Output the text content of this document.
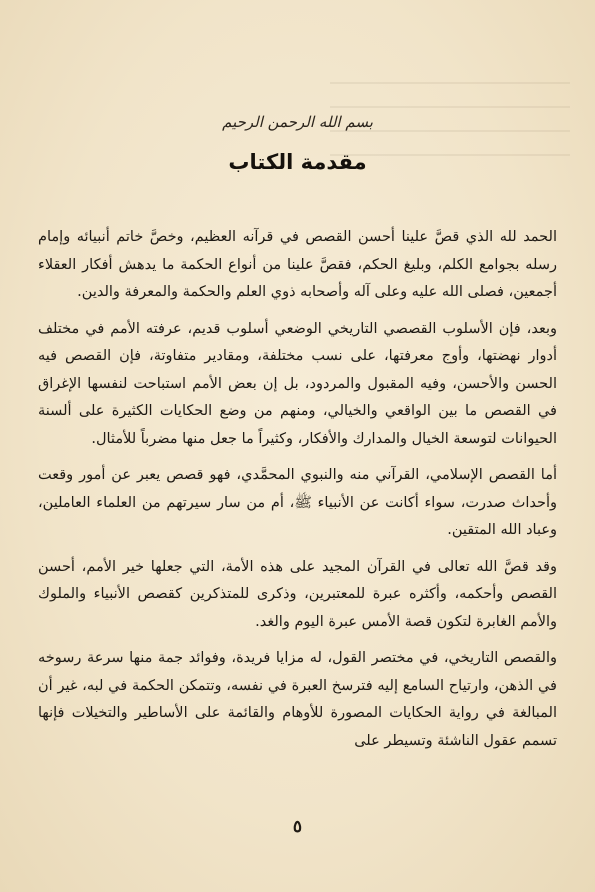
بسم الله الرحمن الرحيم
مقدمة الكتاب

الحمد لله الذي قصَّ علينا أحسن القصص في قرآنه العظيم، وخصَّ خاتم أنبيائه وإمام رسله بجوامع الكلم، وبليغ الحكم، فقصَّ علينا من أنواع الحكمة ما يدهش أفكار العقلاء أجمعين، فصلى الله عليه وعلى آله وأصحابه ذوي العلم والحكمة والمعرفة والدين.

وبعد، فإن الأسلوب القصصي التاريخي الوضعي أسلوب قديم، عرفته الأمم في مختلف أدوار نهضتها، وأوج معرفتها، على نسب مختلفة، ومقادير متفاوتة، فإن القصص فيه الحسن والأحسن، وفيه المقبول والمردود، بل إن بعض الأمم استباحت لنفسها الإغراق في القصص ما بين الواقعي والخيالي، ومنهم من وضع الحكايات الكثيرة على ألسنة الحيوانات لتوسعة الخيال والمدارك والأفكار، وكثيراً ما جعل منها مضرباً للأمثال.

أما القصص الإسلامي، القرآني منه والنبوي المحمَّدي، فهو قصص يعبر عن أمور وقعت وأحداث صدرت، سواء أكانت عن الأنبياء ﷺ، أم من سار سيرتهم من العلماء العاملين، وعباد الله المتقين.

وقد قصَّ الله تعالى في القرآن المجيد على هذه الأمة، التي جعلها خير الأمم، أحسن القصص وأحكمه، وأكثره عبرة للمعتبرين، وذكرى للمتذكرين كقصص الأنبياء والملوك والأمم الغابرة لتكون قصة الأمس عبرة اليوم والغد.

والقصص التاريخي، في مختصر القول، له مزايا فريدة، وفوائد جمة منها سرعة رسوخه في الذهن، وارتياح السامع إليه فترسخ العبرة في نفسه، وتتمكن الحكمة في لبه، غير أن المبالغة في رواية الحكايات المصورة للأوهام والقائمة على الأساطير والتخيلات فإنها تسمم عقول الناشئة وتسيطر على

٥
